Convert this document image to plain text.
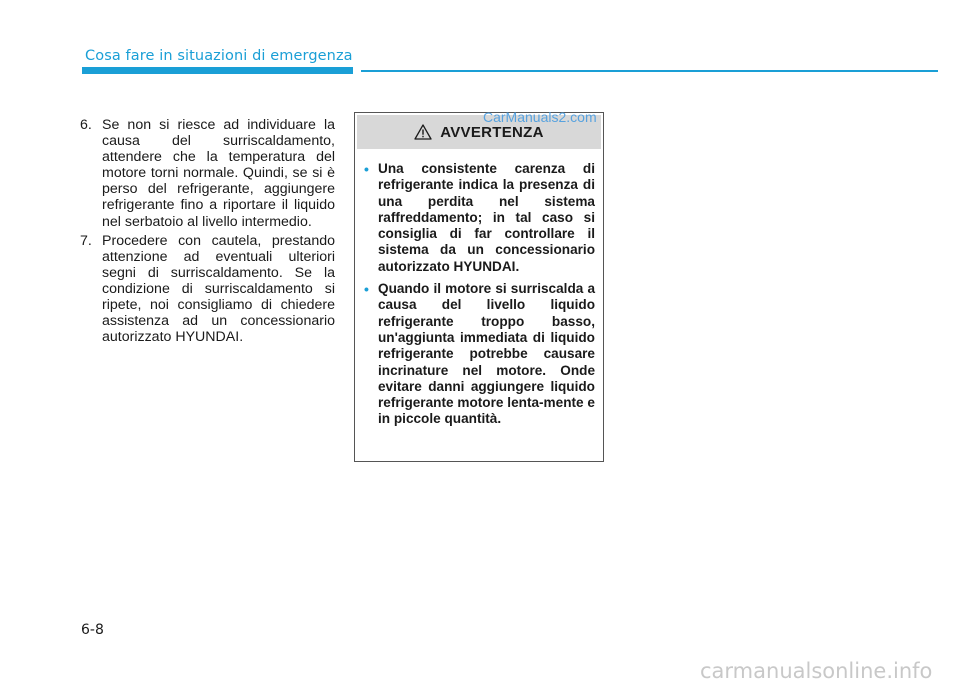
Cosa fare in situazioni di emergenza
6. Se non si riesce ad individuare la causa del surriscaldamento, attendere che la temperatura del motore torni normale. Quindi, se si è perso del refrigerante, aggiungere refrigerante fino a riportare il liquido nel serbatoio al livello intermedio.
7. Procedere con cautela, prestando attenzione ad eventuali ulteriori segni di surriscaldamento. Se la condizione di surriscaldamento si ripete, noi consigliamo di chiedere assistenza ad un concessionario autorizzato HYUNDAI.
AVVERTENZA
• Una consistente carenza di refrigerante indica la presenza di una perdita nel sistema raffreddamento; in tal caso si consiglia di far controllare il sistema da un concessionario autorizzato HYUNDAI.
• Quando il motore si surriscalda a causa del livello liquido refrigerante troppo basso, un'aggiunta immediata di liquido refrigerante potrebbe causare incrinature nel motore. Onde evitare danni aggiungere liquido refrigerante motore lenta-mente e in piccole quantità.
CarManuals2.com
6-8
carmanualsonline.info
